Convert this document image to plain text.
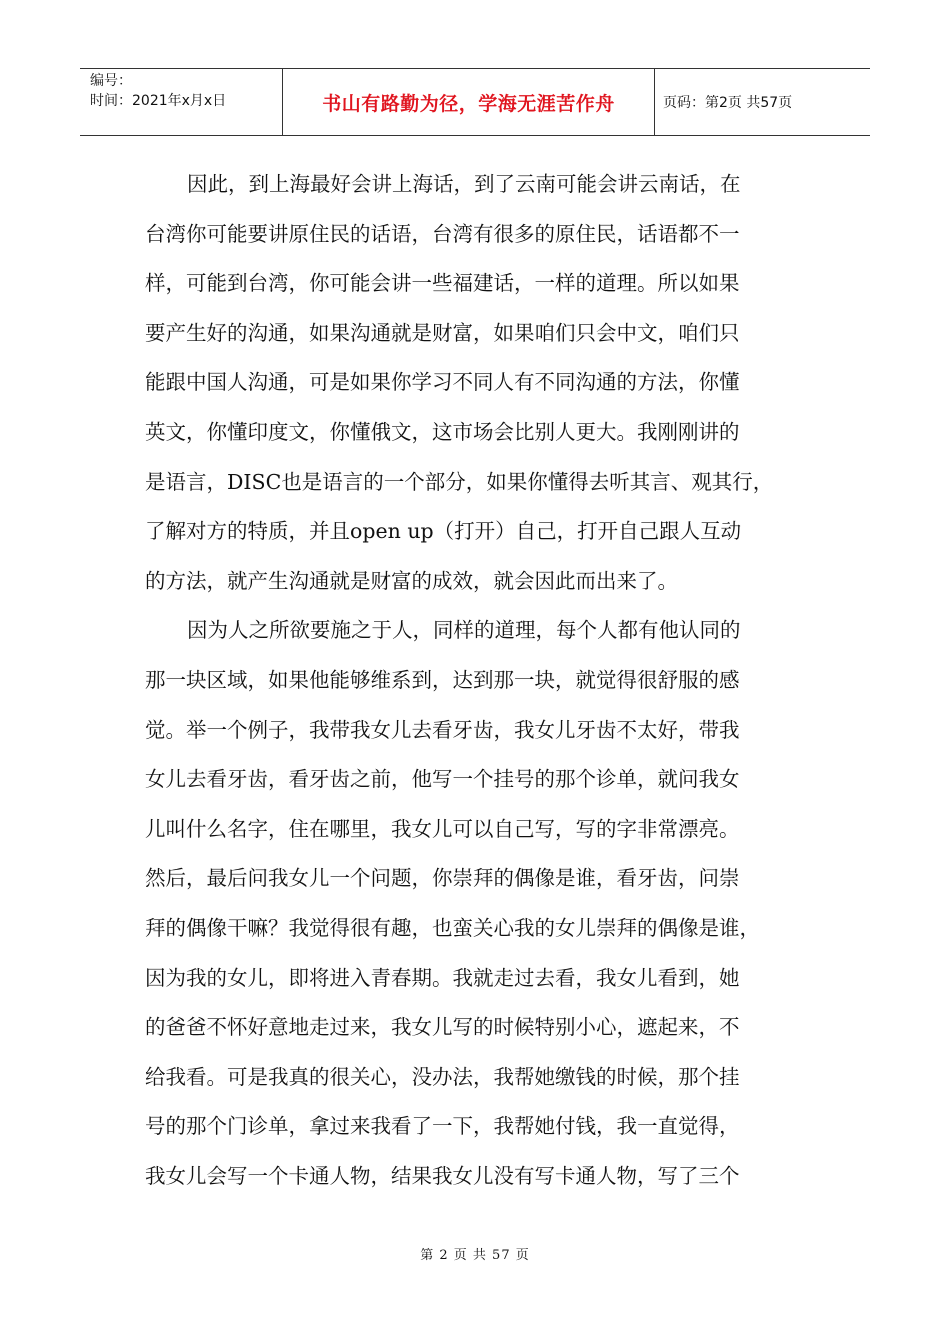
编号：
时间：2021年x月x日	书山有路勤为径，学海无涯苦作舟	页码：第2页 共57页
因此，到上海最好会讲上海话，到了云南可能会讲云南话，在
台湾你可能要讲原住民的话语，台湾有很多的原住民，话语都不一
样，可能到台湾，你可能会讲一些福建话，一样的道理。所以如果
要产生好的沟通，如果沟通就是财富，如果咱们只会中文，咱们只
能跟中国人沟通，可是如果你学习不同人有不同沟通的方法，你懂
英文，你懂印度文，你懂俄文，这市场会比别人更大。我刚刚讲的
是语言，DISC也是语言的一个部分，如果你懂得去听其言、观其行，
了解对方的特质，并且open up（打开）自己，打开自己跟人互动
的方法，就产生沟通就是财富的成效，就会因此而出来了。
因为人之所欲要施之于人，同样的道理，每个人都有他认同的
那一块区域，如果他能够维系到，达到那一块，就觉得很舒服的感
觉。举一个例子，我带我女儿去看牙齿，我女儿牙齿不太好，带我
女儿去看牙齿，看牙齿之前，他写一个挂号的那个诊单，就问我女
儿叫什么名字，住在哪里，我女儿可以自己写，写的字非常漂亮。
然后，最后问我女儿一个问题，你崇拜的偶像是谁，看牙齿，问崇
拜的偶像干嘛？我觉得很有趣，也蛮关心我的女儿崇拜的偶像是谁，
因为我的女儿，即将进入青春期。我就走过去看，我女儿看到，她
的爸爸不怀好意地走过来，我女儿写的时候特别小心，遮起来，不
给我看。可是我真的很关心，没办法，我帮她缴钱的时候，那个挂
号的那个门诊单，拿过来我看了一下，我帮她付钱，我一直觉得，
我女儿会写一个卡通人物，结果我女儿没有写卡通人物，写了三个
第 2 页 共 57 页
